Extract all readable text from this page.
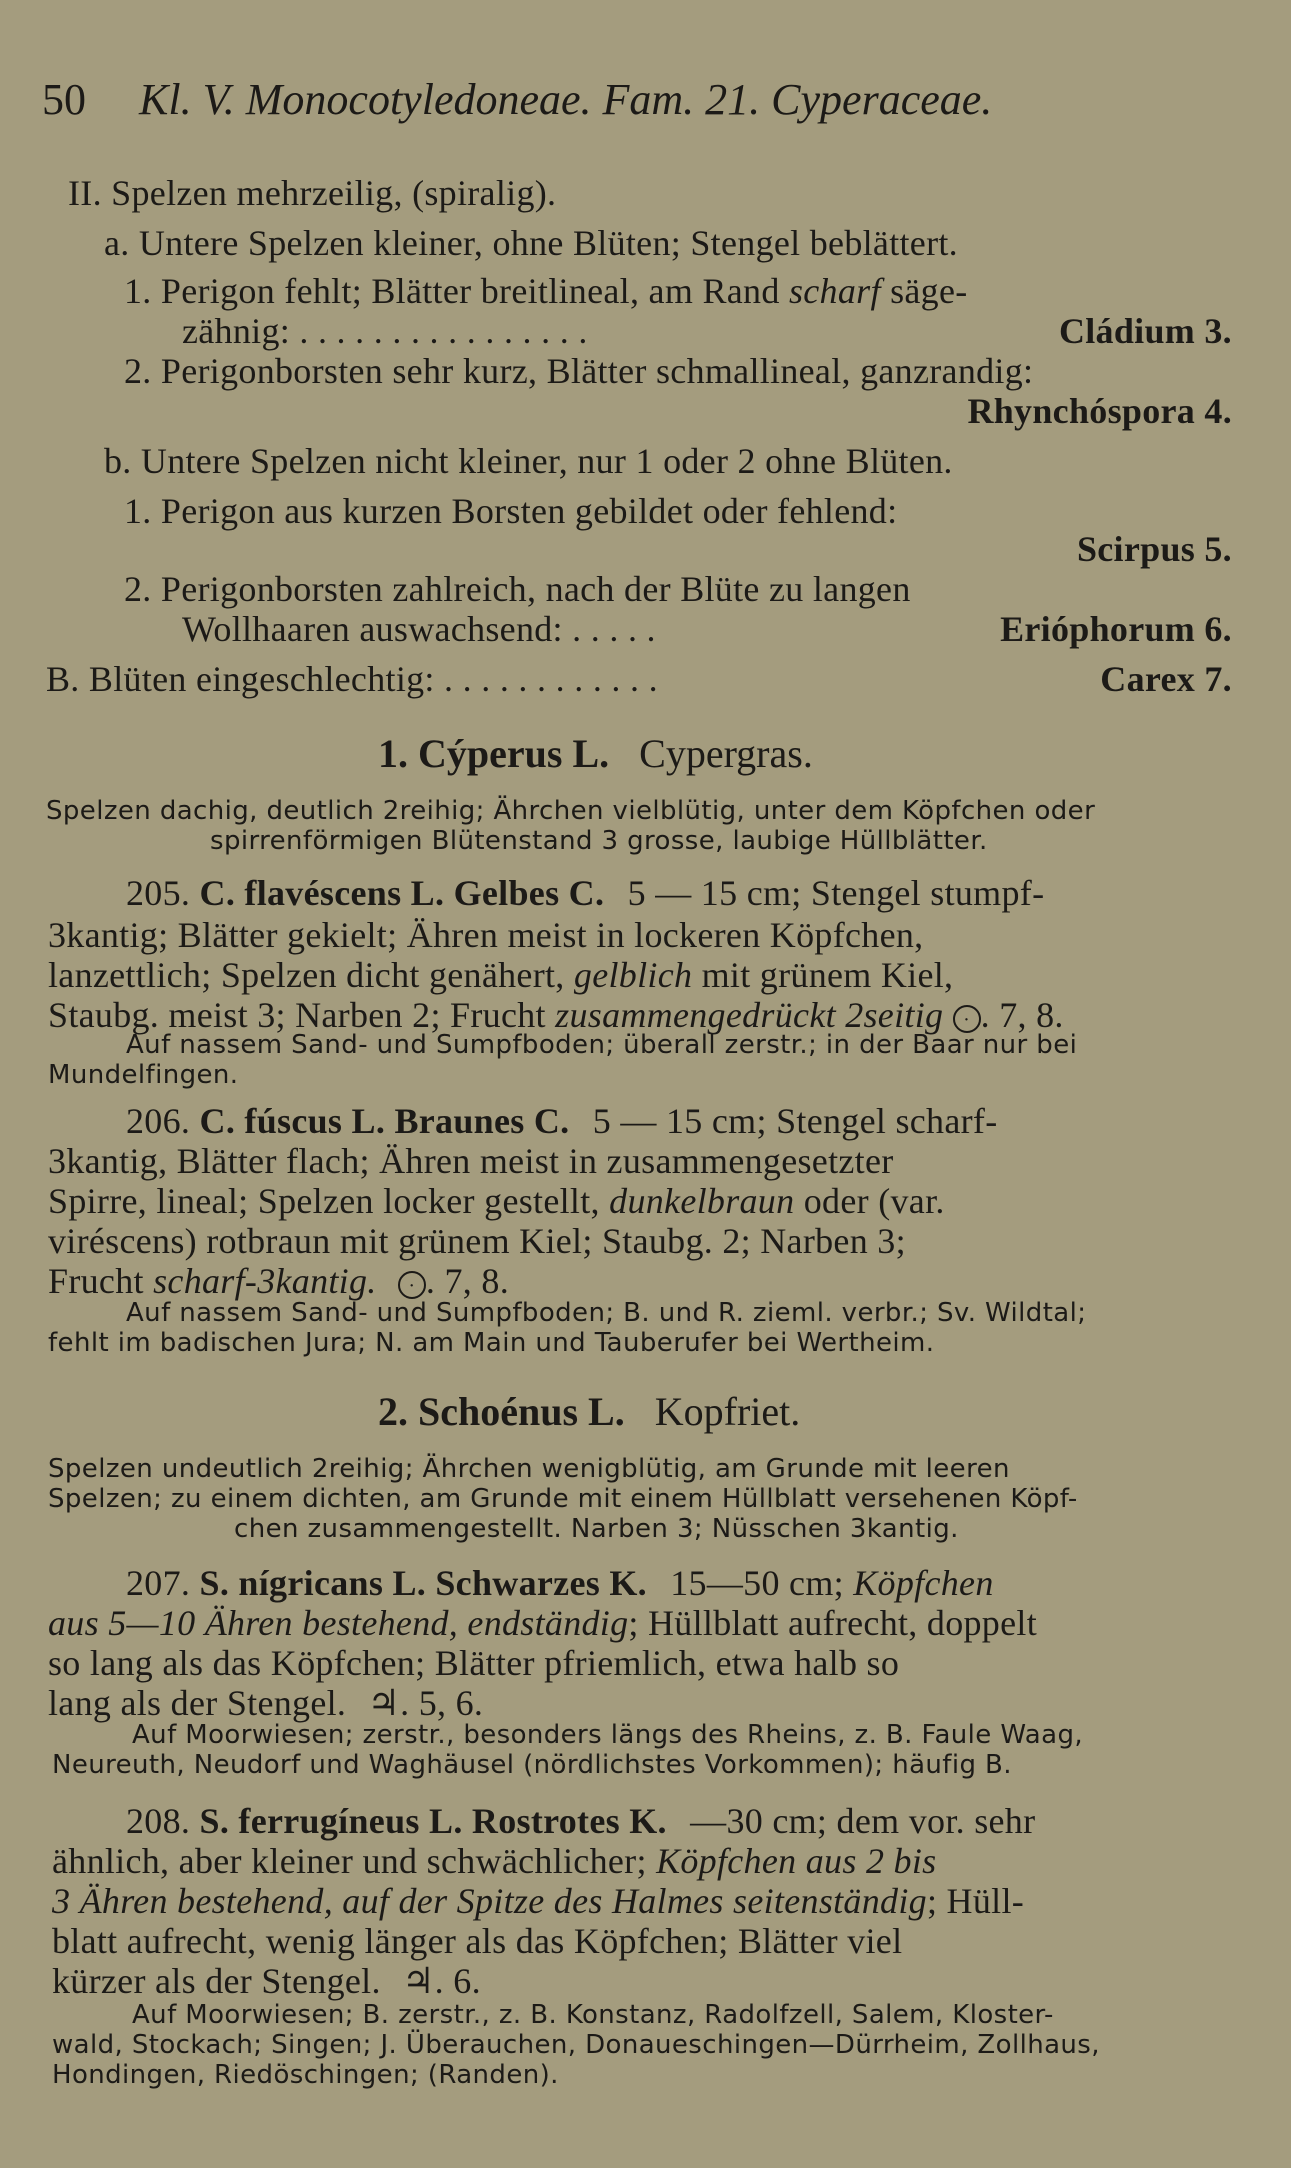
50 Kl. V. Monocotyledoneae. Fam. 21. Cyperaceae.
II. Spelzen mehrzeilig, (spiralig).
a. Untere Spelzen kleiner, ohne Blüten; Stengel beblättert.
1. Perigon fehlt; Blätter breitlineal, am Rand scharf säge-
zähnig: . . . . . . . . . . . . . . . .	Cládium 3.
2. Perigonborsten sehr kurz, Blätter schmallineal, ganzrandig:
Rhynchóspora 4.
b. Untere Spelzen nicht kleiner, nur 1 oder 2 ohne Blüten.
1. Perigon aus kurzen Borsten gebildet oder fehlend:
Scirpus 5.
2. Perigonborsten zahlreich, nach der Blüte zu langen
Wollhaaren auswachsend: . . . . .	Erióphorum 6.
B. Blüten eingeschlechtig: . . . . . . . . . . . .	Carex 7.
1. Cýperus L. Cypergras.
Spelzen dachig, deutlich 2reihig; Ährchen vielblütig, unter dem Köpfchen oder
spirrenförmigen Blütenstand 3 grosse, laubige Hüllblätter.
205. C. flavéscens L. Gelbes C. 5 — 15 cm; Stengel stumpf-
3kantig; Blätter gekielt; Ähren meist in lockeren Köpfchen,
lanzettlich; Spelzen dicht genähert, gelblich mit grünem Kiel,
Staubg. meist 3; Narben 2; Frucht zusammengedrückt 2seitig · . 7, 8.
Auf nassem Sand- und Sumpfboden; überall zerstr.; in der Baar nur bei
Mundelfingen.
206. C. fúscus L. Braunes C. 5 — 15 cm; Stengel scharf-
3kantig, Blätter flach; Ähren meist in zusammengesetzter
Spirre, lineal; Spelzen locker gestellt, dunkelbraun oder (var.
viréscens) rotbraun mit grünem Kiel; Staubg. 2; Narben 3;
Frucht scharf-3kantig. · . 7, 8.
Auf nassem Sand- und Sumpfboden; B. und R. zieml. verbr.; Sv. Wildtal;
fehlt im badischen Jura; N. am Main und Tauberufer bei Wertheim.
2. Schoénus L. Kopfriet.
Spelzen undeutlich 2reihig; Ährchen wenigblütig, am Grunde mit leeren
Spelzen; zu einem dichten, am Grunde mit einem Hüllblatt versehenen Köpf-
chen zusammengestellt. Narben 3; Nüsschen 3kantig.
207. S. nígricans L. Schwarzes K. 15—50 cm; Köpfchen
aus 5—10 Ähren bestehend, endständig; Hüllblatt aufrecht, doppelt
so lang als das Köpfchen; Blätter pfriemlich, etwa halb so
lang als der Stengel. ♃. 5, 6.
Auf Moorwiesen; zerstr., besonders längs des Rheins, z. B. Faule Waag,
Neureuth, Neudorf und Waghäusel (nördlichstes Vorkommen); häufig B.
208. S. ferrugíneus L. Rostrotes K. —30 cm; dem vor. sehr
ähnlich, aber kleiner und schwächlicher; Köpfchen aus 2 bis
3 Ähren bestehend, auf der Spitze des Halmes seitenständig; Hüll-
blatt aufrecht, wenig länger als das Köpfchen; Blätter viel
kürzer als der Stengel. ♃. 6.
Auf Moorwiesen; B. zerstr., z. B. Konstanz, Radolfzell, Salem, Kloster-
wald, Stockach; Singen; J. Überauchen, Donaueschingen—Dürrheim, Zollhaus,
Hondingen, Riedöschingen; (Randen).
